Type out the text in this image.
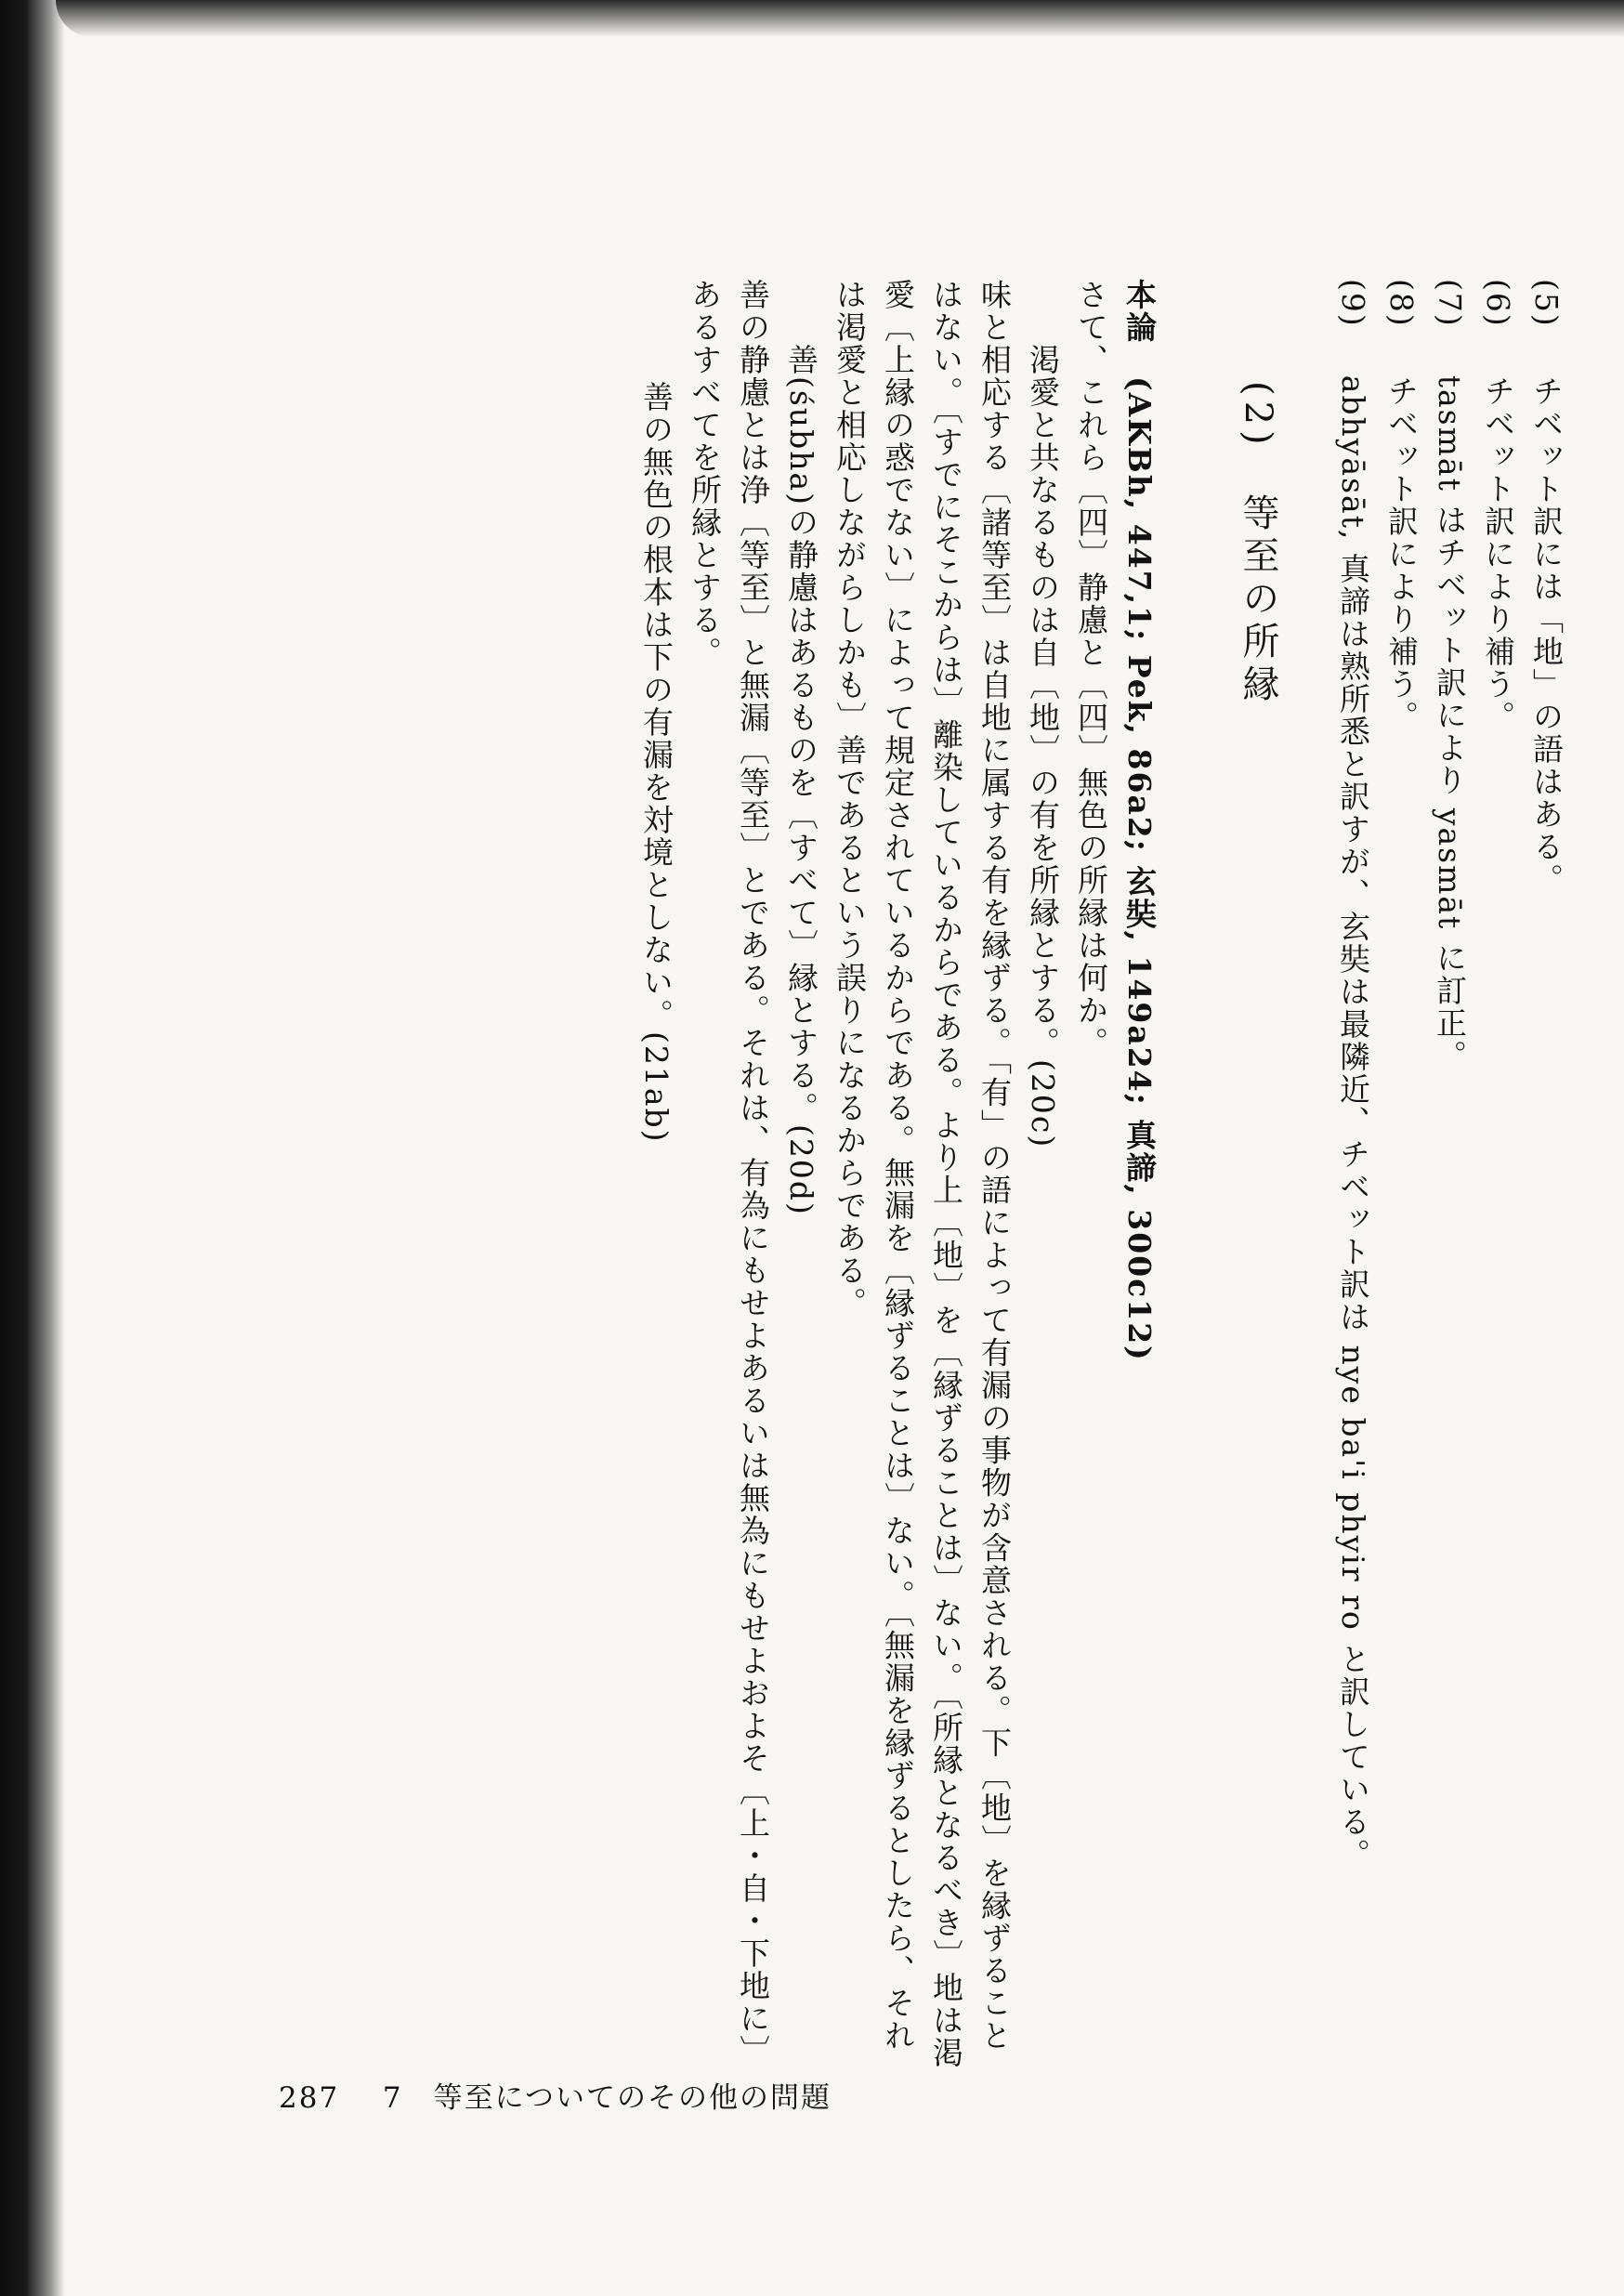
(5)　チベット訳には「地」の語はある。
(6)　チベット訳により補う。
(7)　tasmāt はチベット訳により yasmāt に訂正。
(8)　チベット訳により補う。
(9)　abhyāsāt, 真諦は熟所悉と訳すが、玄奘は最隣近、チベット訳は nye ba'i phyir ro と訳している。
(2)　等至の所縁
本論　(AKBh, 447,1; Pek, 86a2; 玄奘, 149a24; 真諦, 300c12)
さて、これら〔四〕静慮と〔四〕無色の所縁は何か。
渇愛と共なるものは自〔地〕の有を所縁とする。(20c)
味と相応する〔諸等至〕は自地に属する有を縁ずる。「有」の語によって有漏の事物が含意される。下〔地〕を縁ずることはない。〔すでにそこからは〕離染しているからである。より上〔地〕を〔縁ずることは〕ない。〔所縁となるべき〕地は渇愛〔上縁の惑でない〕によって規定されているからである。無漏を〔縁ずることは〕ない。〔無漏を縁ずるとしたら、それは渇愛と相応しながらしかも〕善であるという誤りになるからである。
善(śubha)の静慮はあるものを〔すべて〕縁とする。(20d)
善の静慮とは浄〔等至〕と無漏〔等至〕とである。それは、有為にもせよあるいは無為にもせよおよそ〔上・自・下地に〕あるすべてを所縁とする。
善の無色の根本は下の有漏を対境としない。(21ab)
287 7　等至についてのその他の問題
